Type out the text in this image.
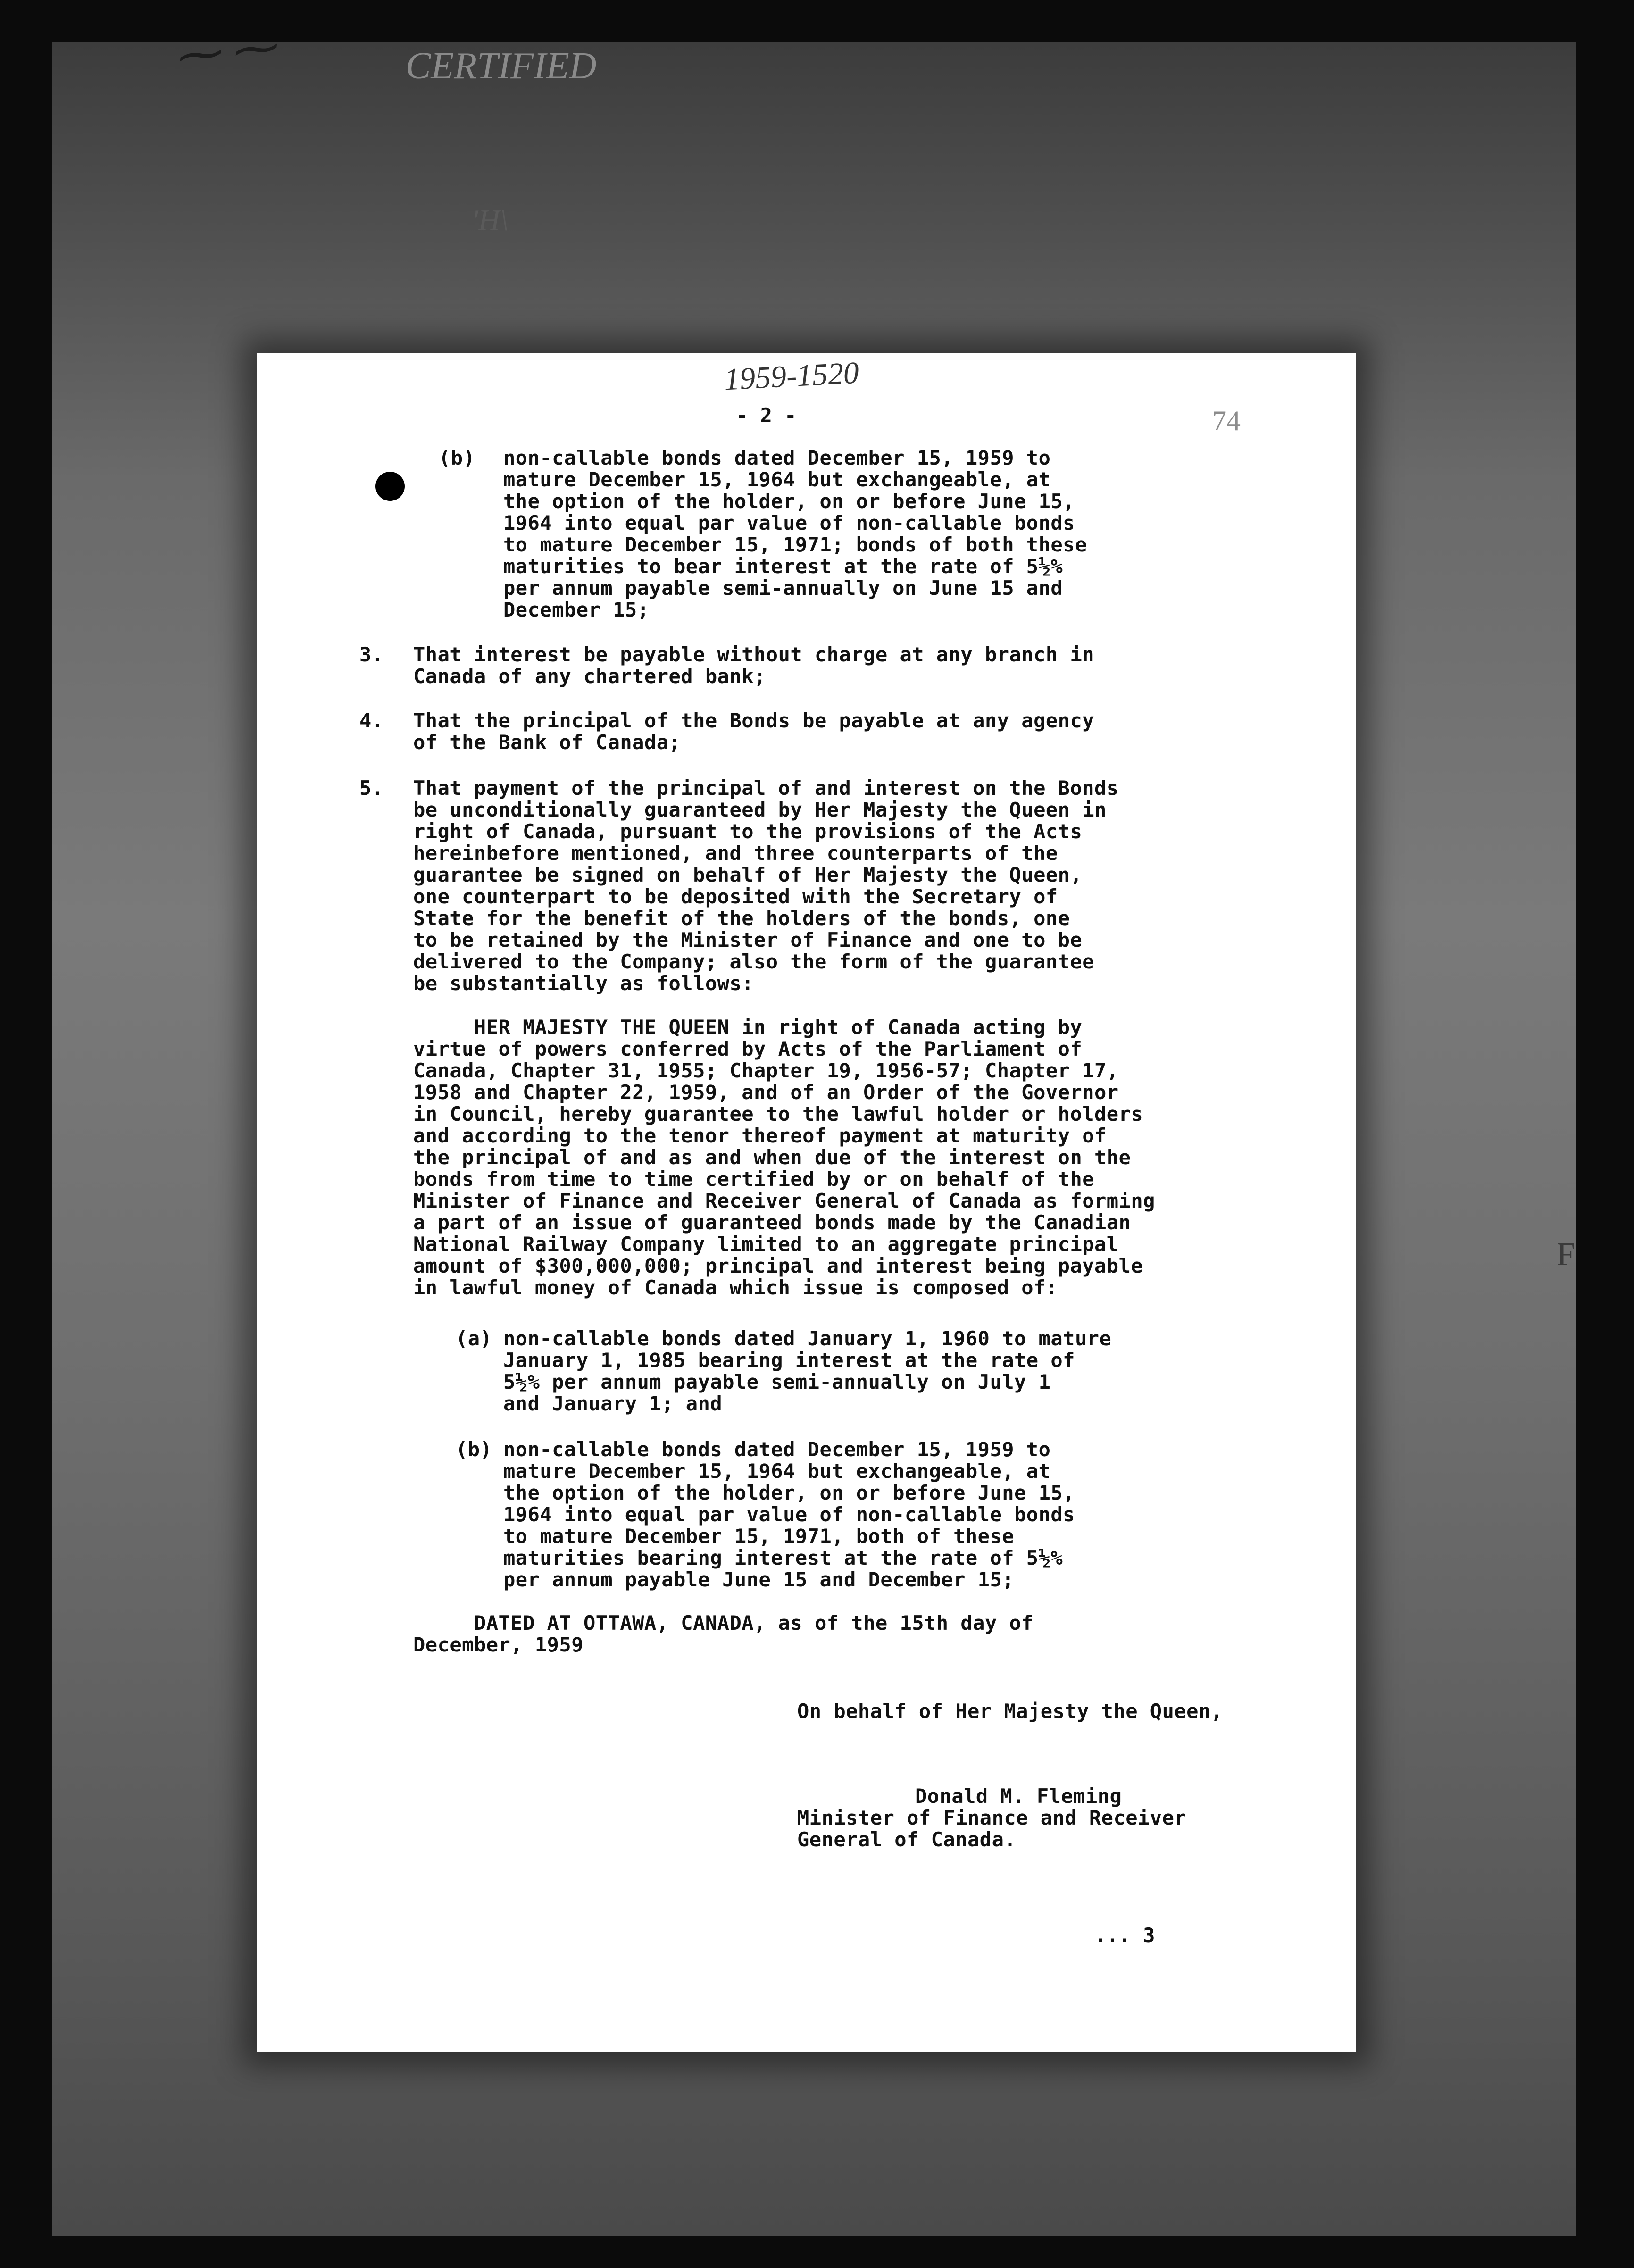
⁓ ⁓	CERTIFIED
'H\
F
1959-1520
74
- 2 -
(b) non-callable bonds dated December 15, 1959 to
mature December 15, 1964 but exchangeable, at
the option of the holder, on or before June 15,
1964 into equal par value of non-callable bonds
to mature December 15, 1971; bonds of both these
maturities to bear interest at the rate of 5½%
per annum payable semi-annually on June 15 and
December 15;
3. That interest be payable without charge at any branch in
Canada of any chartered bank;
4. That the principal of the Bonds be payable at any agency
of the Bank of Canada;
5. That payment of the principal of and interest on the Bonds
be unconditionally guaranteed by Her Majesty the Queen in
right of Canada, pursuant to the provisions of the Acts
hereinbefore mentioned, and three counterparts of the
guarantee be signed on behalf of Her Majesty the Queen,
one counterpart to be deposited with the Secretary of
State for the benefit of the holders of the bonds, one
to be retained by the Minister of Finance and one to be
delivered to the Company; also the form of the guarantee
be substantially as follows:
HER MAJESTY THE QUEEN in right of Canada acting by
virtue of powers conferred by Acts of the Parliament of
Canada, Chapter 31, 1955; Chapter 19, 1956-57; Chapter 17,
1958 and Chapter 22, 1959, and of an Order of the Governor
in Council, hereby guarantee to the lawful holder or holders
and according to the tenor thereof payment at maturity of
the principal of and as and when due of the interest on the
bonds from time to time certified by or on behalf of the
Minister of Finance and Receiver General of Canada as forming
a part of an issue of guaranteed bonds made by the Canadian
National Railway Company limited to an aggregate principal
amount of $300,000,000; principal and interest being payable
in lawful money of Canada which issue is composed of:
(a) non-callable bonds dated January 1, 1960 to mature
January 1, 1985 bearing interest at the rate of
5½% per annum payable semi-annually on July 1
and January 1; and
(b) non-callable bonds dated December 15, 1959 to
mature December 15, 1964 but exchangeable, at
the option of the holder, on or before June 15,
1964 into equal par value of non-callable bonds
to mature December 15, 1971, both of these
maturities bearing interest at the rate of 5½%
per annum payable June 15 and December 15;
DATED AT OTTAWA, CANADA, as of the 15th day of
December, 1959
On behalf of Her Majesty the Queen,
Donald M. Fleming
Minister of Finance and Receiver
General of Canada.
... 3
